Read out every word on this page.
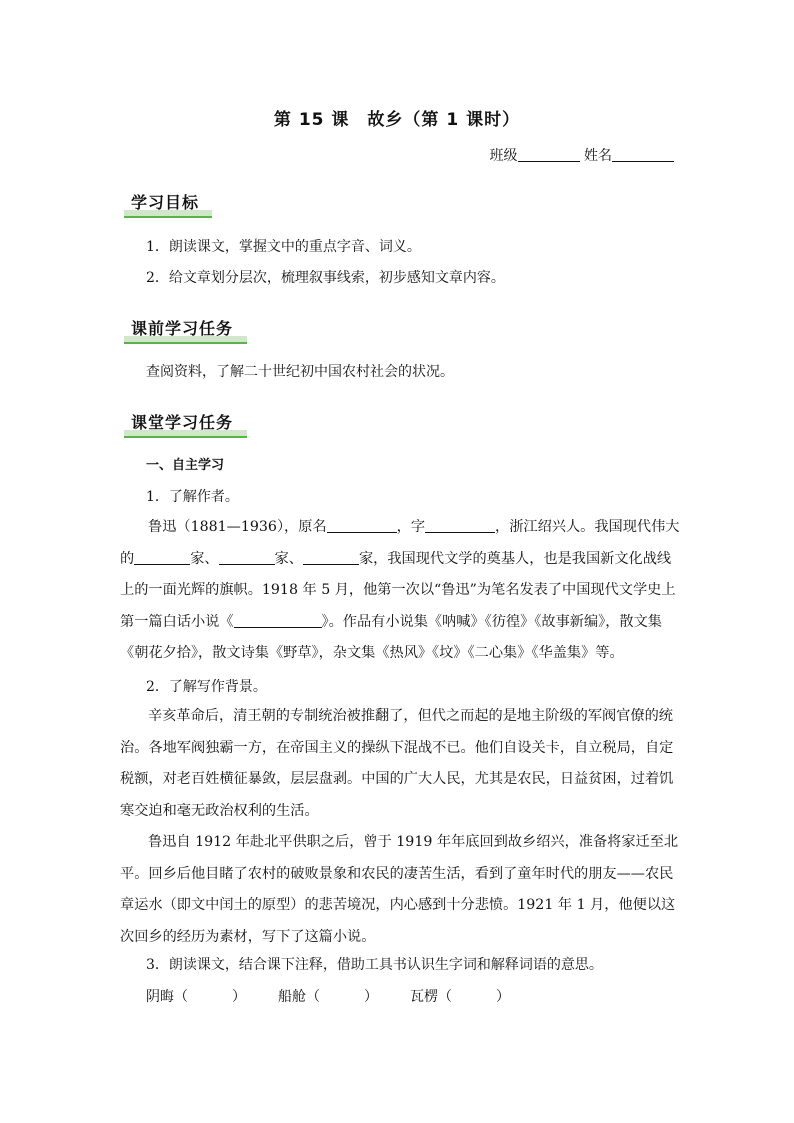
第 15 课　故乡（第 1 课时）
班级	姓名
学习目标
1．朗读课文，掌握文中的重点字音、词义。
2．给文章划分层次，梳理叙事线索，初步感知文章内容。
课前学习任务
查阅资料，了解二十世纪初中国农村社会的状况。
课堂学习任务
一、自主学习
1．了解作者。

鲁迅（1881—1936），原名	，字	，浙江绍兴人。我国现代伟大的	家、	家、	家，我国现代文学的奠基人，也是我国新文化战线上的一面光辉的旗帜。1918 年 5 月，他第一次以“鲁迅”为笔名发表了中国现代文学史上第一篇白话小说《	》。作品有小说集《呐喊》《彷徨》《故事新编》，散文集《朝花夕拾》，散文诗集《野草》，杂文集《热风》《坟》《二心集》《华盖集》等。

2．了解写作背景。

辛亥革命后，清王朝的专制统治被推翻了，但代之而起的是地主阶级的军阀官僚的统治。各地军阀独霸一方，在帝国主义的操纵下混战不已。他们自设关卡，自立税局，自定税额，对老百姓横征暴敛，层层盘剥。中国的广大人民，尤其是农民，日益贫困，过着饥寒交迫和毫无政治权利的生活。

鲁迅自 1912 年赴北平供职之后，曾于 1919 年年底回到故乡绍兴，准备将家迁至北平。回乡后他目睹了农村的破败景象和农民的凄苦生活，看到了童年时代的朋友——农民章运水（即文中闰土的原型）的悲苦境况，内心感到十分悲愤。1921 年 1 月，他便以这次回乡的经历为素材，写下了这篇小说。

3．朗读课文，结合课下注释，借助工具书认识生字词和解释词语的意思。
阴晦（	） 船舱（	） 瓦楞（	）
